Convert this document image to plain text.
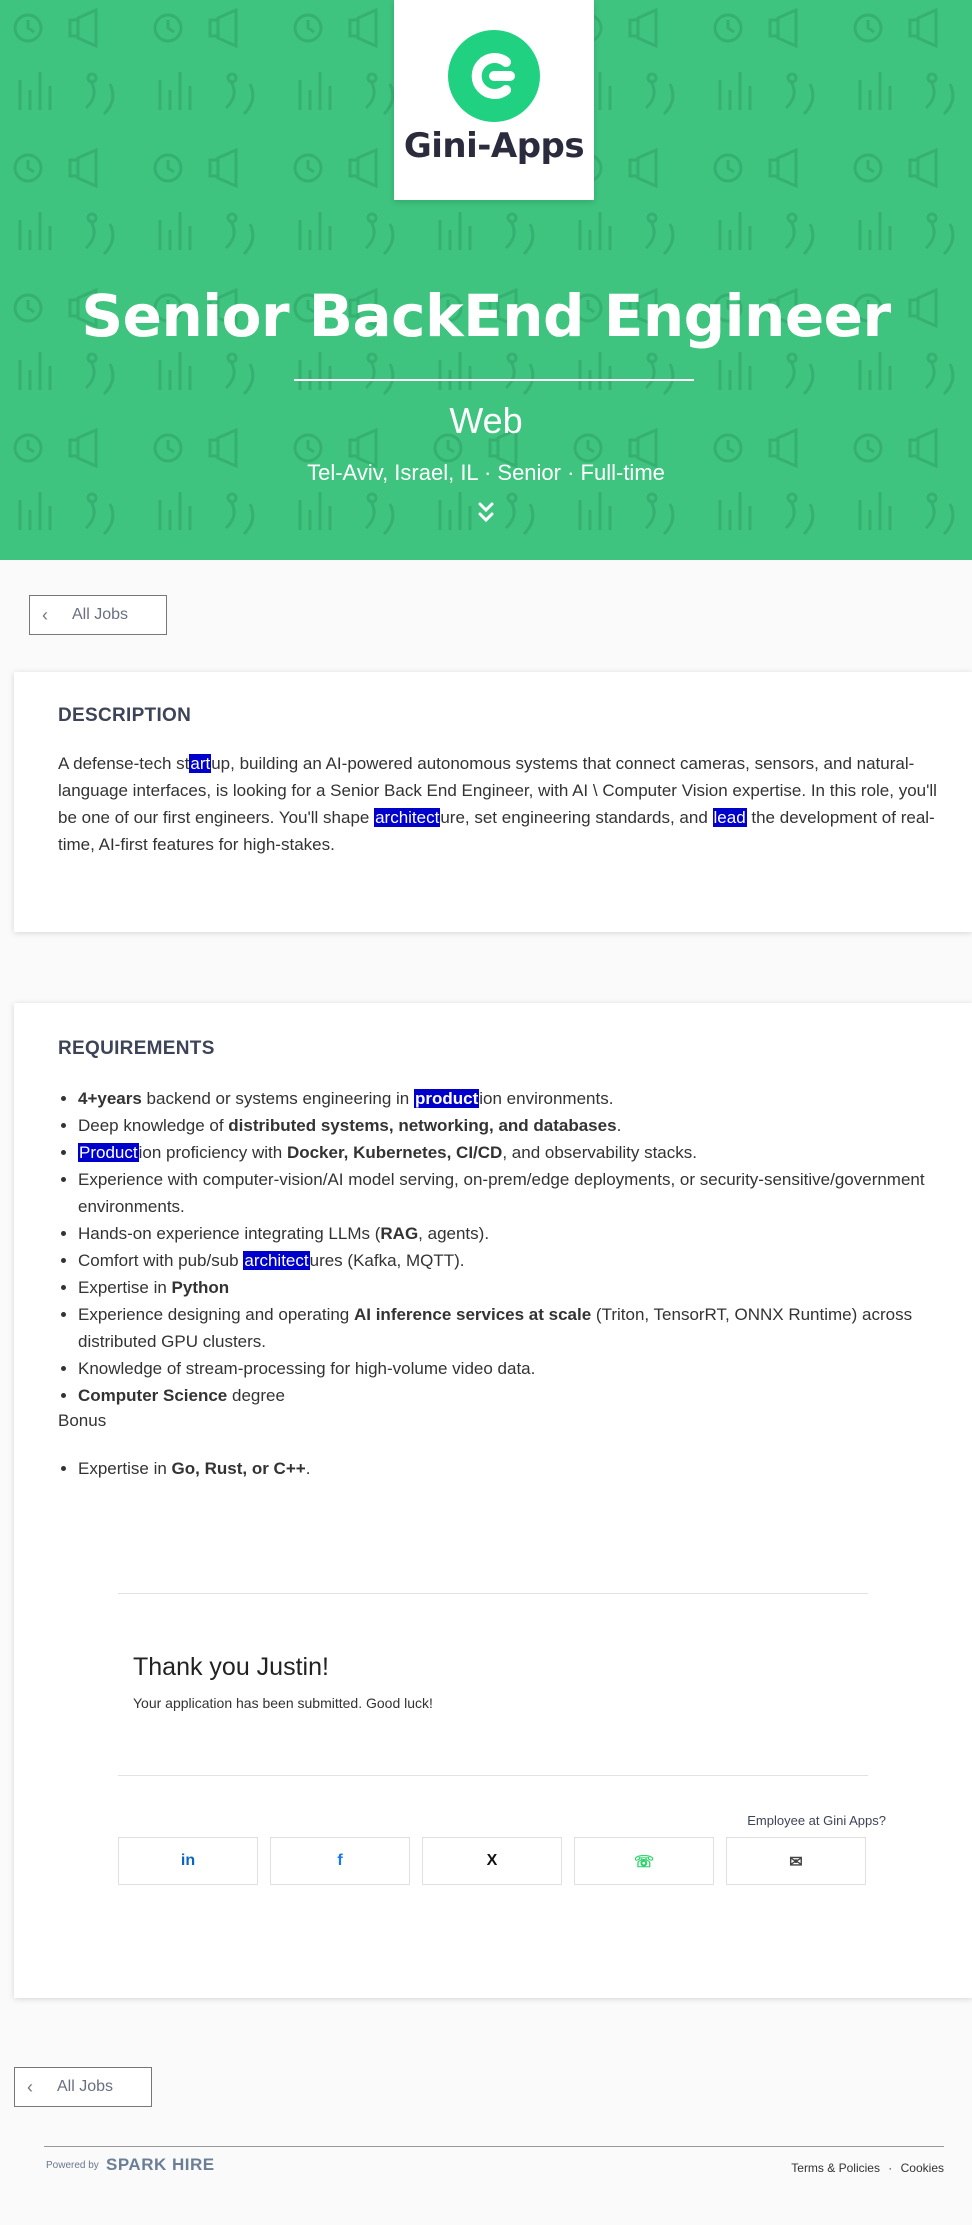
Gini-Apps
Senior BackEnd Engineer
Web
Tel-Aviv, Israel, IL · Senior · Full-time
‹ All Jobs
DESCRIPTION
A defense-tech startup, building an AI-powered autonomous systems that connect cameras, sensors, and natural-language interfaces, is looking for a Senior Back End Engineer, with AI \ Computer Vision expertise. In this role, you'll be one of our first engineers. You'll shape architecture, set engineering standards, and lead the development of real-time, AI-first features for high-stakes.
REQUIREMENTS
• 4+years backend or systems engineering in production environments.
• Deep knowledge of distributed systems, networking, and databases.
• Production proficiency with Docker, Kubernetes, CI/CD, and observability stacks.
• Experience with computer-vision/AI model serving, on-prem/edge deployments, or security-sensitive/government environments.
• Hands-on experience integrating LLMs (RAG, agents).
• Comfort with pub/sub architectures (Kafka, MQTT).
• Expertise in Python
• Experience designing and operating AI inference services at scale (Triton, TensorRT, ONNX Runtime) across distributed GPU clusters.
• Knowledge of stream-processing for high-volume video data.
• Computer Science degree
Bonus
• Expertise in Go, Rust, or C++.
Thank you Justin!
Your application has been submitted. Good luck!
Employee at Gini Apps?
in	f	X	☏	✉
‹ All Jobs
Powered by SPARK HIRE	Terms & Policies · Cookies
